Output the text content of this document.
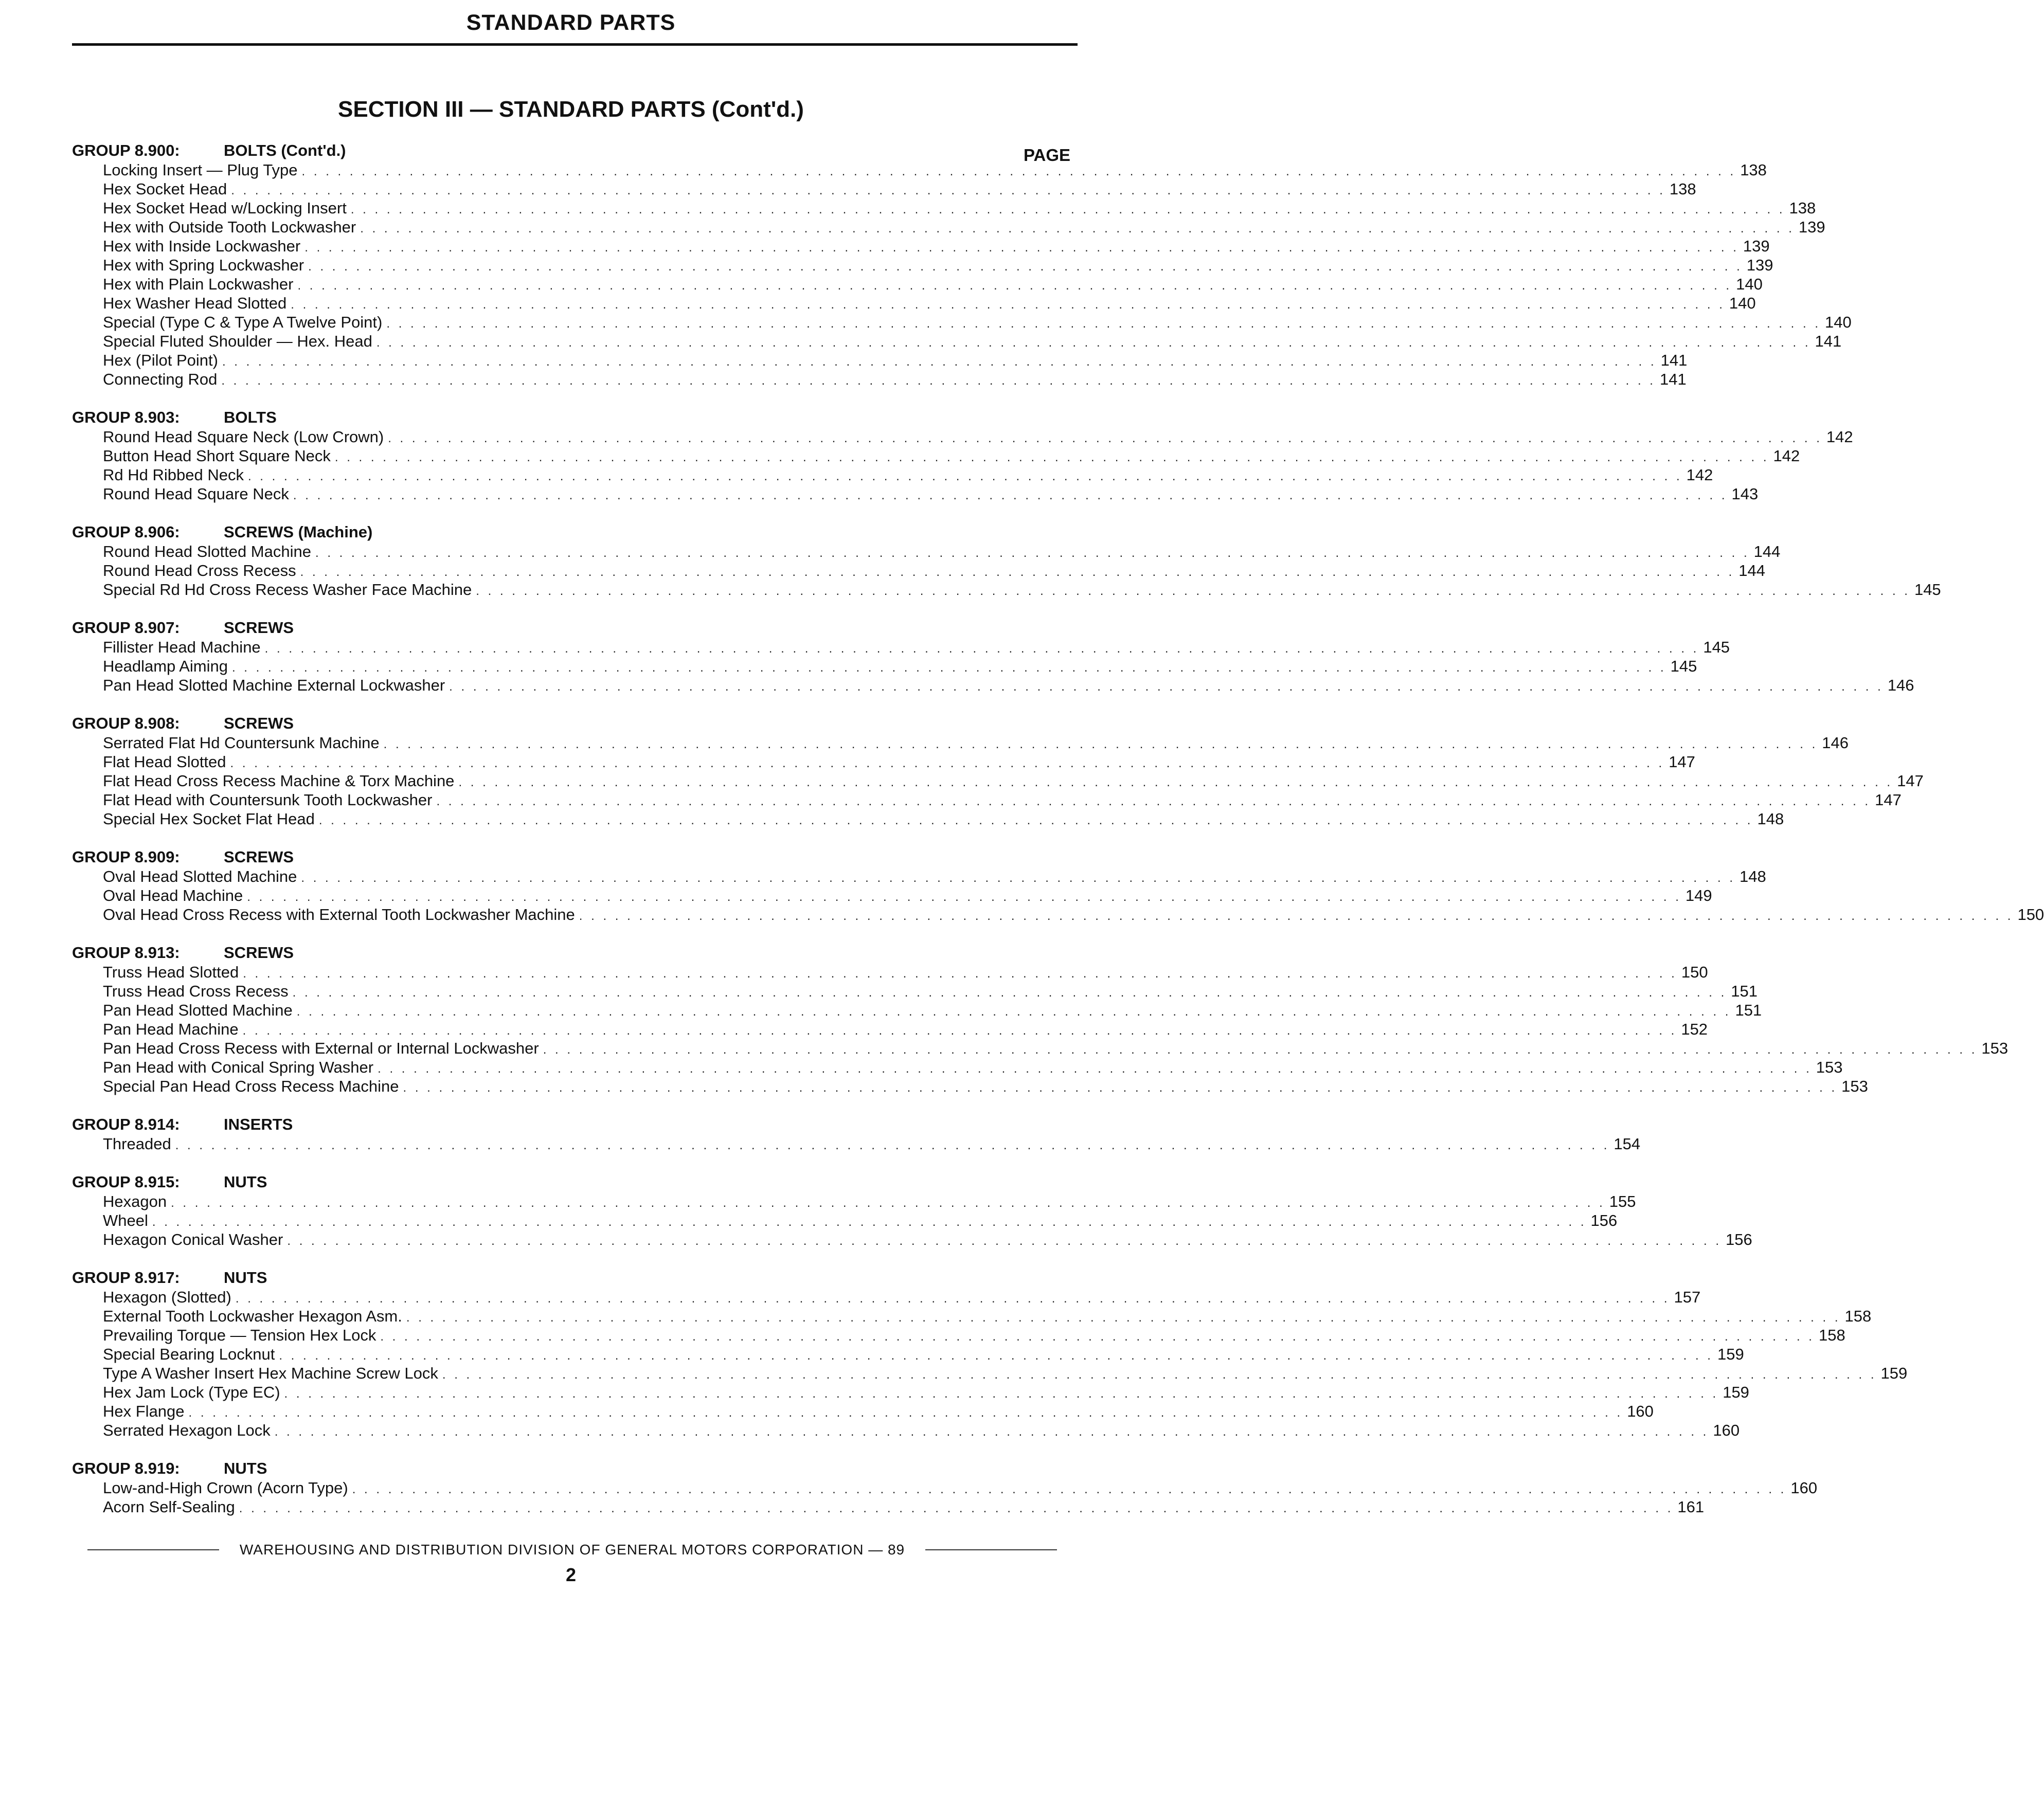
STANDARD PARTS
SECTION III — STANDARD PARTS (Cont'd.)
PAGE
GROUP 8.900:	BOLTS (Cont'd.)
Locking Insert — Plug Type . . . . . . . . . . . . . . . . . . . . . . . . . . . . . . . . . . . . . . . . . . . . . . . . . . . . . . . . . . . . . . . . . . . . . . . . . . . . . . . . . . . . . . . . . . . . . . . . . . . . . . . . . . . . . . . . . . . . . . . . 138
Hex Socket Head . . . . . . . . . . . . . . . . . . . . . . . . . . . . . . . . . . . . . . . . . . . . . . . . . . . . . . . . . . . . . . . . . . . . . . . . . . . . . . . . . . . . . . . . . . . . . . . . . . . . . . . . . . . . . . . . . . . . . . . . 138
Hex Socket Head w/Locking Insert . . . . . . . . . . . . . . . . . . . . . . . . . . . . . . . . . . . . . . . . . . . . . . . . . . . . . . . . . . . . . . . . . . . . . . . . . . . . . . . . . . . . . . . . . . . . . . . . . . . . . . . . . . . . . . . . . . . . . . . . 138
Hex with Outside Tooth Lockwasher . . . . . . . . . . . . . . . . . . . . . . . . . . . . . . . . . . . . . . . . . . . . . . . . . . . . . . . . . . . . . . . . . . . . . . . . . . . . . . . . . . . . . . . . . . . . . . . . . . . . . . . . . . . . . . . . . . . . . . . . 139
Hex with Inside Lockwasher . . . . . . . . . . . . . . . . . . . . . . . . . . . . . . . . . . . . . . . . . . . . . . . . . . . . . . . . . . . . . . . . . . . . . . . . . . . . . . . . . . . . . . . . . . . . . . . . . . . . . . . . . . . . . . . . . . . . . . . . 139
Hex with Spring Lockwasher . . . . . . . . . . . . . . . . . . . . . . . . . . . . . . . . . . . . . . . . . . . . . . . . . . . . . . . . . . . . . . . . . . . . . . . . . . . . . . . . . . . . . . . . . . . . . . . . . . . . . . . . . . . . . . . . . . . . . . . . 139
Hex with Plain Lockwasher . . . . . . . . . . . . . . . . . . . . . . . . . . . . . . . . . . . . . . . . . . . . . . . . . . . . . . . . . . . . . . . . . . . . . . . . . . . . . . . . . . . . . . . . . . . . . . . . . . . . . . . . . . . . . . . . . . . . . . . . 140
Hex Washer Head Slotted . . . . . . . . . . . . . . . . . . . . . . . . . . . . . . . . . . . . . . . . . . . . . . . . . . . . . . . . . . . . . . . . . . . . . . . . . . . . . . . . . . . . . . . . . . . . . . . . . . . . . . . . . . . . . . . . . . . . . . . . 140
Special (Type C & Type A Twelve Point) . . . . . . . . . . . . . . . . . . . . . . . . . . . . . . . . . . . . . . . . . . . . . . . . . . . . . . . . . . . . . . . . . . . . . . . . . . . . . . . . . . . . . . . . . . . . . . . . . . . . . . . . . . . . . . . . . . . . . . . . 140
Special Fluted Shoulder — Hex. Head . . . . . . . . . . . . . . . . . . . . . . . . . . . . . . . . . . . . . . . . . . . . . . . . . . . . . . . . . . . . . . . . . . . . . . . . . . . . . . . . . . . . . . . . . . . . . . . . . . . . . . . . . . . . . . . . . . . . . . . . 141
Hex (Pilot Point) . . . . . . . . . . . . . . . . . . . . . . . . . . . . . . . . . . . . . . . . . . . . . . . . . . . . . . . . . . . . . . . . . . . . . . . . . . . . . . . . . . . . . . . . . . . . . . . . . . . . . . . . . . . . . . . . . . . . . . . . 141
Connecting Rod . . . . . . . . . . . . . . . . . . . . . . . . . . . . . . . . . . . . . . . . . . . . . . . . . . . . . . . . . . . . . . . . . . . . . . . . . . . . . . . . . . . . . . . . . . . . . . . . . . . . . . . . . . . . . . . . . . . . . . . . 141
GROUP 8.903:	BOLTS
Round Head Square Neck (Low Crown) . . . . . . . . . . . . . . . . . . . . . . . . . . . . . . . . . . . . . . . . . . . . . . . . . . . . . . . . . . . . . . . . . . . . . . . . . . . . . . . . . . . . . . . . . . . . . . . . . . . . . . . . . . . . . . . . . . . . . . . . 142
Button Head Short Square Neck . . . . . . . . . . . . . . . . . . . . . . . . . . . . . . . . . . . . . . . . . . . . . . . . . . . . . . . . . . . . . . . . . . . . . . . . . . . . . . . . . . . . . . . . . . . . . . . . . . . . . . . . . . . . . . . . . . . . . . . . 142
Rd Hd Ribbed Neck . . . . . . . . . . . . . . . . . . . . . . . . . . . . . . . . . . . . . . . . . . . . . . . . . . . . . . . . . . . . . . . . . . . . . . . . . . . . . . . . . . . . . . . . . . . . . . . . . . . . . . . . . . . . . . . . . . . . . . . . 142
Round Head Square Neck . . . . . . . . . . . . . . . . . . . . . . . . . . . . . . . . . . . . . . . . . . . . . . . . . . . . . . . . . . . . . . . . . . . . . . . . . . . . . . . . . . . . . . . . . . . . . . . . . . . . . . . . . . . . . . . . . . . . . . . . 143
GROUP 8.906:	SCREWS (Machine)
Round Head Slotted Machine . . . . . . . . . . . . . . . . . . . . . . . . . . . . . . . . . . . . . . . . . . . . . . . . . . . . . . . . . . . . . . . . . . . . . . . . . . . . . . . . . . . . . . . . . . . . . . . . . . . . . . . . . . . . . . . . . . . . . . . . 144
Round Head Cross Recess . . . . . . . . . . . . . . . . . . . . . . . . . . . . . . . . . . . . . . . . . . . . . . . . . . . . . . . . . . . . . . . . . . . . . . . . . . . . . . . . . . . . . . . . . . . . . . . . . . . . . . . . . . . . . . . . . . . . . . . . 144
Special Rd Hd Cross Recess Washer Face Machine . . . . . . . . . . . . . . . . . . . . . . . . . . . . . . . . . . . . . . . . . . . . . . . . . . . . . . . . . . . . . . . . . . . . . . . . . . . . . . . . . . . . . . . . . . . . . . . . . . . . . . . . . . . . . . . . . . . . . . . . 145
GROUP 8.907:	SCREWS
Fillister Head Machine . . . . . . . . . . . . . . . . . . . . . . . . . . . . . . . . . . . . . . . . . . . . . . . . . . . . . . . . . . . . . . . . . . . . . . . . . . . . . . . . . . . . . . . . . . . . . . . . . . . . . . . . . . . . . . . . . . . . . . . . 145
Headlamp Aiming . . . . . . . . . . . . . . . . . . . . . . . . . . . . . . . . . . . . . . . . . . . . . . . . . . . . . . . . . . . . . . . . . . . . . . . . . . . . . . . . . . . . . . . . . . . . . . . . . . . . . . . . . . . . . . . . . . . . . . . . 145
Pan Head Slotted Machine External Lockwasher . . . . . . . . . . . . . . . . . . . . . . . . . . . . . . . . . . . . . . . . . . . . . . . . . . . . . . . . . . . . . . . . . . . . . . . . . . . . . . . . . . . . . . . . . . . . . . . . . . . . . . . . . . . . . . . . . . . . . . . . 146
GROUP 8.908:	SCREWS
Serrated Flat Hd Countersunk Machine . . . . . . . . . . . . . . . . . . . . . . . . . . . . . . . . . . . . . . . . . . . . . . . . . . . . . . . . . . . . . . . . . . . . . . . . . . . . . . . . . . . . . . . . . . . . . . . . . . . . . . . . . . . . . . . . . . . . . . . . 146
Flat Head Slotted . . . . . . . . . . . . . . . . . . . . . . . . . . . . . . . . . . . . . . . . . . . . . . . . . . . . . . . . . . . . . . . . . . . . . . . . . . . . . . . . . . . . . . . . . . . . . . . . . . . . . . . . . . . . . . . . . . . . . . . . 147
Flat Head Cross Recess Machine & Torx Machine . . . . . . . . . . . . . . . . . . . . . . . . . . . . . . . . . . . . . . . . . . . . . . . . . . . . . . . . . . . . . . . . . . . . . . . . . . . . . . . . . . . . . . . . . . . . . . . . . . . . . . . . . . . . . . . . . . . . . . . . 147
Flat Head with Countersunk Tooth Lockwasher . . . . . . . . . . . . . . . . . . . . . . . . . . . . . . . . . . . . . . . . . . . . . . . . . . . . . . . . . . . . . . . . . . . . . . . . . . . . . . . . . . . . . . . . . . . . . . . . . . . . . . . . . . . . . . . . . . . . . . . . 147
Special Hex Socket Flat Head . . . . . . . . . . . . . . . . . . . . . . . . . . . . . . . . . . . . . . . . . . . . . . . . . . . . . . . . . . . . . . . . . . . . . . . . . . . . . . . . . . . . . . . . . . . . . . . . . . . . . . . . . . . . . . . . . . . . . . . . 148
GROUP 8.909:	SCREWS
Oval Head Slotted Machine . . . . . . . . . . . . . . . . . . . . . . . . . . . . . . . . . . . . . . . . . . . . . . . . . . . . . . . . . . . . . . . . . . . . . . . . . . . . . . . . . . . . . . . . . . . . . . . . . . . . . . . . . . . . . . . . . . . . . . . . 148
Oval Head Machine . . . . . . . . . . . . . . . . . . . . . . . . . . . . . . . . . . . . . . . . . . . . . . . . . . . . . . . . . . . . . . . . . . . . . . . . . . . . . . . . . . . . . . . . . . . . . . . . . . . . . . . . . . . . . . . . . . . . . . . . 149
Oval Head Cross Recess with External Tooth Lockwasher Machine . . . . . . . . . . . . . . . . . . . . . . . . . . . . . . . . . . . . . . . . . . . . . . . . . . . . . . . . . . . . . . . . . . . . . . . . . . . . . . . . . . . . . . . . . . . . . . . . . . . . . . . . . . . . . . . . . . . . . . . . 150
GROUP 8.913:	SCREWS
Truss Head Slotted . . . . . . . . . . . . . . . . . . . . . . . . . . . . . . . . . . . . . . . . . . . . . . . . . . . . . . . . . . . . . . . . . . . . . . . . . . . . . . . . . . . . . . . . . . . . . . . . . . . . . . . . . . . . . . . . . . . . . . . . 150
Truss Head Cross Recess . . . . . . . . . . . . . . . . . . . . . . . . . . . . . . . . . . . . . . . . . . . . . . . . . . . . . . . . . . . . . . . . . . . . . . . . . . . . . . . . . . . . . . . . . . . . . . . . . . . . . . . . . . . . . . . . . . . . . . . . 151
Pan Head Slotted Machine . . . . . . . . . . . . . . . . . . . . . . . . . . . . . . . . . . . . . . . . . . . . . . . . . . . . . . . . . . . . . . . . . . . . . . . . . . . . . . . . . . . . . . . . . . . . . . . . . . . . . . . . . . . . . . . . . . . . . . . . 151
Pan Head Machine . . . . . . . . . . . . . . . . . . . . . . . . . . . . . . . . . . . . . . . . . . . . . . . . . . . . . . . . . . . . . . . . . . . . . . . . . . . . . . . . . . . . . . . . . . . . . . . . . . . . . . . . . . . . . . . . . . . . . . . . 152
Pan Head Cross Recess with External or Internal Lockwasher . . . . . . . . . . . . . . . . . . . . . . . . . . . . . . . . . . . . . . . . . . . . . . . . . . . . . . . . . . . . . . . . . . . . . . . . . . . . . . . . . . . . . . . . . . . . . . . . . . . . . . . . . . . . . . . . . . . . . . . . 153
Pan Head with Conical Spring Washer . . . . . . . . . . . . . . . . . . . . . . . . . . . . . . . . . . . . . . . . . . . . . . . . . . . . . . . . . . . . . . . . . . . . . . . . . . . . . . . . . . . . . . . . . . . . . . . . . . . . . . . . . . . . . . . . . . . . . . . . 153
Special Pan Head Cross Recess Machine . . . . . . . . . . . . . . . . . . . . . . . . . . . . . . . . . . . . . . . . . . . . . . . . . . . . . . . . . . . . . . . . . . . . . . . . . . . . . . . . . . . . . . . . . . . . . . . . . . . . . . . . . . . . . . . . . . . . . . . . 153
GROUP 8.914:	INSERTS
Threaded . . . . . . . . . . . . . . . . . . . . . . . . . . . . . . . . . . . . . . . . . . . . . . . . . . . . . . . . . . . . . . . . . . . . . . . . . . . . . . . . . . . . . . . . . . . . . . . . . . . . . . . . . . . . . . . . . . . . . . . . 154
GROUP 8.915:	NUTS
Hexagon . . . . . . . . . . . . . . . . . . . . . . . . . . . . . . . . . . . . . . . . . . . . . . . . . . . . . . . . . . . . . . . . . . . . . . . . . . . . . . . . . . . . . . . . . . . . . . . . . . . . . . . . . . . . . . . . . . . . . . . . 155
Wheel . . . . . . . . . . . . . . . . . . . . . . . . . . . . . . . . . . . . . . . . . . . . . . . . . . . . . . . . . . . . . . . . . . . . . . . . . . . . . . . . . . . . . . . . . . . . . . . . . . . . . . . . . . . . . . . . . . . . . . . . 156
Hexagon Conical Washer . . . . . . . . . . . . . . . . . . . . . . . . . . . . . . . . . . . . . . . . . . . . . . . . . . . . . . . . . . . . . . . . . . . . . . . . . . . . . . . . . . . . . . . . . . . . . . . . . . . . . . . . . . . . . . . . . . . . . . . . 156
GROUP 8.917:	NUTS
Hexagon (Slotted) . . . . . . . . . . . . . . . . . . . . . . . . . . . . . . . . . . . . . . . . . . . . . . . . . . . . . . . . . . . . . . . . . . . . . . . . . . . . . . . . . . . . . . . . . . . . . . . . . . . . . . . . . . . . . . . . . . . . . . . . 157
External Tooth Lockwasher Hexagon Asm. . . . . . . . . . . . . . . . . . . . . . . . . . . . . . . . . . . . . . . . . . . . . . . . . . . . . . . . . . . . . . . . . . . . . . . . . . . . . . . . . . . . . . . . . . . . . . . . . . . . . . . . . . . . . . . . . . . . . . . . . 158
Prevailing Torque — Tension Hex Lock . . . . . . . . . . . . . . . . . . . . . . . . . . . . . . . . . . . . . . . . . . . . . . . . . . . . . . . . . . . . . . . . . . . . . . . . . . . . . . . . . . . . . . . . . . . . . . . . . . . . . . . . . . . . . . . . . . . . . . . . 158
Special Bearing Locknut . . . . . . . . . . . . . . . . . . . . . . . . . . . . . . . . . . . . . . . . . . . . . . . . . . . . . . . . . . . . . . . . . . . . . . . . . . . . . . . . . . . . . . . . . . . . . . . . . . . . . . . . . . . . . . . . . . . . . . . . 159
Type A Washer Insert Hex Machine Screw Lock . . . . . . . . . . . . . . . . . . . . . . . . . . . . . . . . . . . . . . . . . . . . . . . . . . . . . . . . . . . . . . . . . . . . . . . . . . . . . . . . . . . . . . . . . . . . . . . . . . . . . . . . . . . . . . . . . . . . . . . . 159
Hex Jam Lock (Type EC) . . . . . . . . . . . . . . . . . . . . . . . . . . . . . . . . . . . . . . . . . . . . . . . . . . . . . . . . . . . . . . . . . . . . . . . . . . . . . . . . . . . . . . . . . . . . . . . . . . . . . . . . . . . . . . . . . . . . . . . . 159
Hex Flange . . . . . . . . . . . . . . . . . . . . . . . . . . . . . . . . . . . . . . . . . . . . . . . . . . . . . . . . . . . . . . . . . . . . . . . . . . . . . . . . . . . . . . . . . . . . . . . . . . . . . . . . . . . . . . . . . . . . . . . . 160
Serrated Hexagon Lock . . . . . . . . . . . . . . . . . . . . . . . . . . . . . . . . . . . . . . . . . . . . . . . . . . . . . . . . . . . . . . . . . . . . . . . . . . . . . . . . . . . . . . . . . . . . . . . . . . . . . . . . . . . . . . . . . . . . . . . . 160
GROUP 8.919:	NUTS
Low-and-High Crown (Acorn Type) . . . . . . . . . . . . . . . . . . . . . . . . . . . . . . . . . . . . . . . . . . . . . . . . . . . . . . . . . . . . . . . . . . . . . . . . . . . . . . . . . . . . . . . . . . . . . . . . . . . . . . . . . . . . . . . . . . . . . . . . 160
Acorn Self-Sealing . . . . . . . . . . . . . . . . . . . . . . . . . . . . . . . . . . . . . . . . . . . . . . . . . . . . . . . . . . . . . . . . . . . . . . . . . . . . . . . . . . . . . . . . . . . . . . . . . . . . . . . . . . . . . . . . . . . . . . . . 161
WAREHOUSING AND DISTRIBUTION DIVISION OF GENERAL MOTORS CORPORATION — 89
2
